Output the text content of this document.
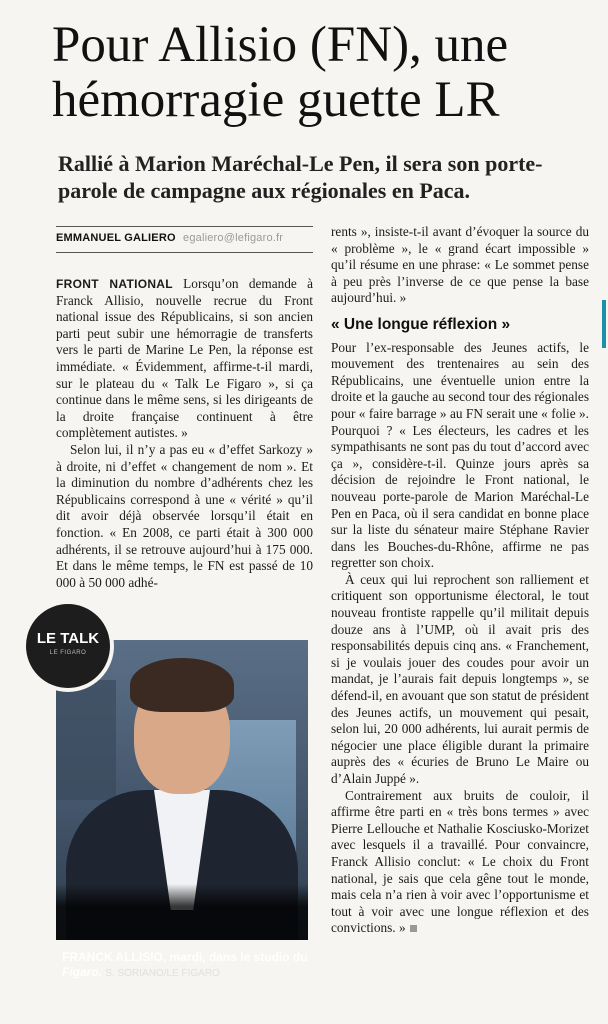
Pour Allisio (FN), une hémorragie guette LR
Rallié à Marion Maréchal-Le Pen, il sera son porte-parole de campagne aux régionales en Paca.
EMMANUEL GALIERO egaliero@lefigaro.fr

FRONT NATIONAL Lorsqu’on demande à Franck Allisio, nouvelle recrue du Front national issue des Républicains, si son ancien parti peut subir une hémorragie de transferts vers le parti de Marine Le Pen, la réponse est immédiate. « Évidemment, affirme-t-il mardi, sur le plateau du « Talk Le Figaro », si ça continue dans le même sens, si les dirigeants de la droite française continuent à être complètement autistes. »

Selon lui, il n’y a pas eu « d’effet Sarkozy » à droite, ni d’effet « changement de nom ». Et la diminution du nombre d’adhérents chez les Républicains correspond à une « vérité » qu’il dit avoir déjà observée lorsqu’il était en fonction. « En 2008, ce parti était à 300 000 adhérents, il se retrouve aujourd’hui à 175 000. Et dans le même temps, le FN est passé de 10 000 à 50 000 adhé-

rents », insiste-t-il avant d’évoquer la source du « problème », le « grand écart impossible » qu’il résume en une phrase: « Le sommet pense à peu près l’inverse de ce que pense la base aujourd’hui. »

« Une longue réflexion »

Pour l’ex-responsable des Jeunes actifs, le mouvement des trentenaires au sein des Républicains, une éventuelle union entre la droite et la gauche au second tour des régionales pour « faire barrage » au FN serait une « folie ». Pourquoi ? « Les électeurs, les cadres et les sympathisants ne sont pas du tout d’accord avec ça », considère-t-il. Quinze jours après sa décision de rejoindre le Front national, le nouveau porte-parole de Marion Maréchal-Le Pen en Paca, où il sera candidat en bonne place sur la liste du sénateur maire Stéphane Ravier dans les Bouches-du-Rhône, affirme ne pas regretter son choix.

À ceux qui lui reprochent son ralliement et critiquent son opportunisme électoral, le tout nouveau frontiste rappelle qu’il militait depuis douze ans à l’UMP, où il avait pris des responsabilités depuis cinq ans. « Franchement, si je voulais jouer des coudes pour avoir un mandat, je l’aurais fait depuis longtemps », se défend-il, en avouant que son statut de président des Jeunes actifs, un mouvement qui pesait, selon lui, 20 000 adhérents, lui aurait permis de négocier une place éligible durant la primaire auprès des « écuries de Bruno Le Maire ou d’Alain Juppé ».

Contrairement aux bruits de couloir, il affirme être parti en « très bons termes » avec Pierre Lellouche et Nathalie Kosciusko-Morizet avec lesquels il a travaillé. Pour convaincre, Franck Allisio conclut: « Le choix du Front national, je sais que cela gêne tout le monde, mais cela n’a rien à voir avec l’opportunisme et tout à voir avec une longue réflexion et des convictions. »

FRANCK ALLISIO, mardi, dans le studio du Figaro. S. SORIANO/LE FIGARO
LE TALK
LE FIGARO
